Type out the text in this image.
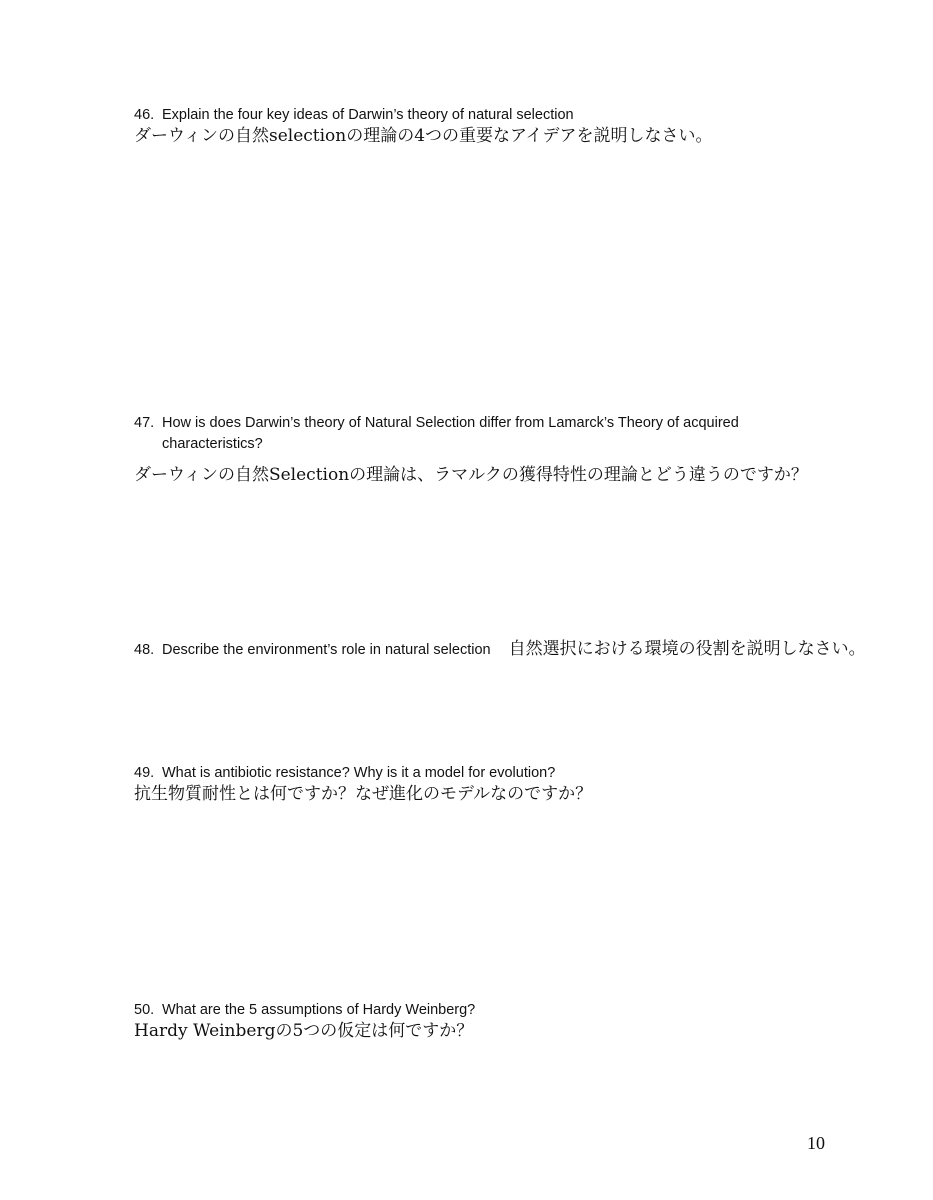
46. Explain the four key ideas of Darwin’s theory of natural selection
ダーウィンの自然selectionの理論の4つの重要なアイデアを説明しなさい。
47. How is does Darwin’s theory of Natural Selection differ from Lamarck’s Theory of acquired
characteristics?
ダーウィンの自然Selectionの理論は、ラマルクの獲得特性の理論とどう違うのですか？
48. Describe the environment’s role in natural selection 自然選択における環境の役割を説明しなさい。
49. What is antibiotic resistance? Why is it a model for evolution?
抗生物質耐性とは何ですか？なぜ進化のモデルなのですか？
50. What are the 5 assumptions of Hardy Weinberg?
Hardy Weinbergの5つの仮定は何ですか？
10
